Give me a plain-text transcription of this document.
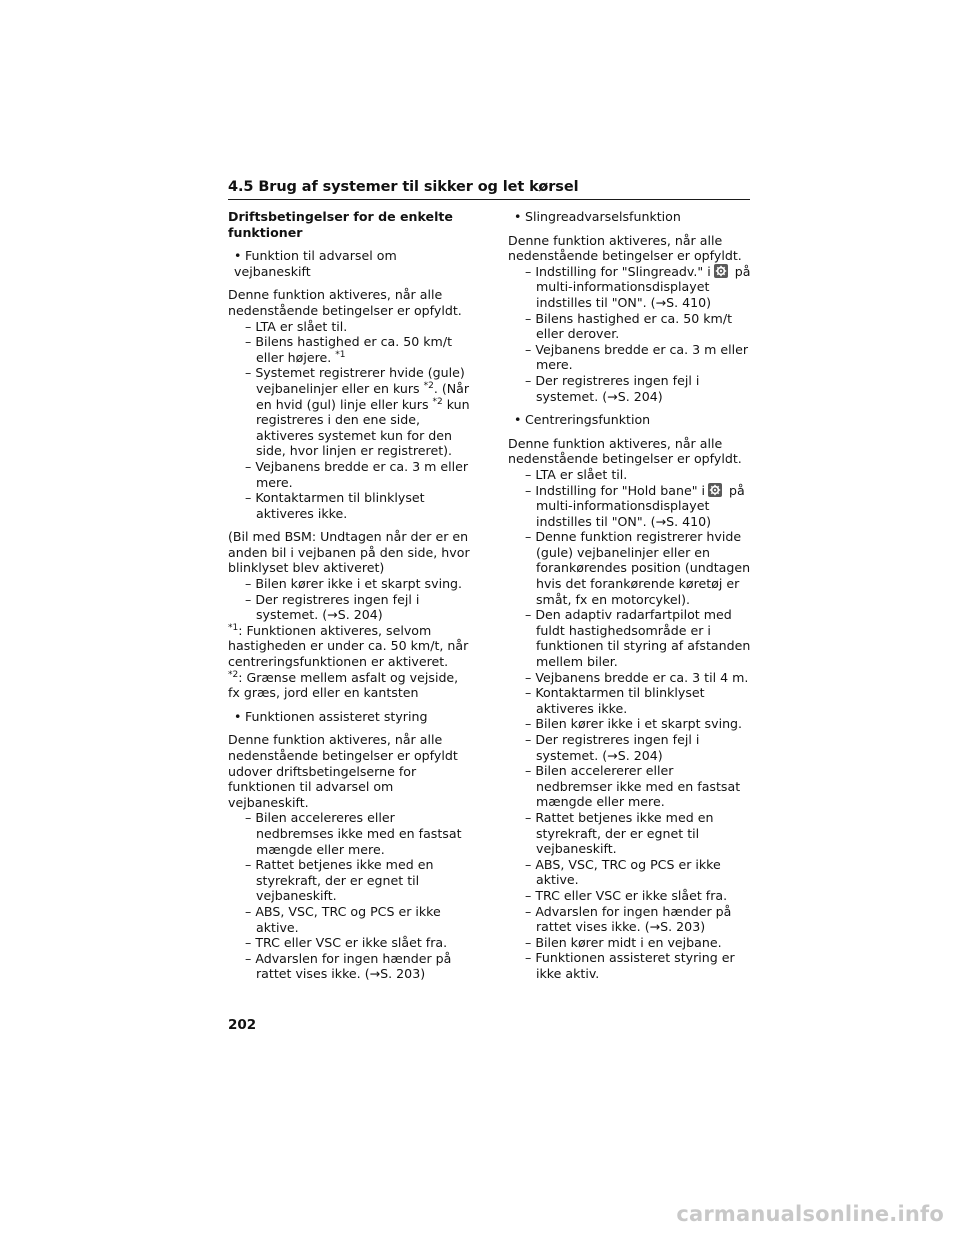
4.5 Brug af systemer til sikker og let kørsel

Driftsbetingelser for de enkelte funktioner

• Funktion til advarsel om vejbaneskift

Denne funktion aktiveres, når alle nedenstående betingelser er opfyldt.

– LTA er slået til.

– Bilens hastighed er ca. 50 km/t eller højere. $^{*1}$

– Systemet registrerer hvide (gule) vejbanelinjer eller en kurs $^{*2}$. (Når en hvid (gul) linje eller kurs $^{*2}$ kun registreres i den ene side, aktiveres systemet kun for den side, hvor linjen er registreret).

– Vejbanens bredde er ca. 3 m eller mere.

– Kontaktarmen til blinklyset aktiveres ikke.

(Bil med BSM: Undtagen når der er en anden bil i vejbanen på den side, hvor blinklyset blev aktiveret)

– Bilen kører ikke i et skarpt sving.

– Der registreres ingen fejl i systemet. (→S. 204)

$^{*1}$: Funktionen aktiveres, selvom hastigheden er under ca. 50 km/t, når centreringsfunktionen er aktiveret.

$^{*2}$: Grænse mellem asfalt og vejside, fx græs, jord eller en kantsten

• Funktionen assisteret styring

Denne funktion aktiveres, når alle nedenstående betingelser er opfyldt udover driftsbetingelserne for funktionen til advarsel om vejbaneskift.

– Bilen accelereres eller nedbremses ikke med en fastsat mængde eller mere.

– Rattet betjenes ikke med en styrekraft, der er egnet til vejbaneskift.

– ABS, VSC, TRC og PCS er ikke aktive.

– TRC eller VSC er ikke slået fra.

– Advarslen for ingen hænder på rattet vises ikke. (→S. 203)

• Slingreadvarselsfunktion

Denne funktion aktiveres, når alle nedenstående betingelser er opfyldt.

– Indstilling for "Slingreadv." i på multi-informationsdisplayet indstilles til "ON". (→S. 410)

– Bilens hastighed er ca. 50 km/t eller derover.

– Vejbanens bredde er ca. 3 m eller mere.

– Der registreres ingen fejl i systemet. (→S. 204)

• Centreringsfunktion

Denne funktion aktiveres, når alle nedenstående betingelser er opfyldt.

– LTA er slået til.

– Indstilling for "Hold bane" i på multi-informationsdisplayet indstilles til "ON". (→S. 410)

– Denne funktion registrerer hvide (gule) vejbanelinjer eller en forankørendes position (undtagen hvis det forankørende køretøj er småt, fx en motorcykel).

– Den adaptiv radarfartpilot med fuldt hastighedsområde er i funktionen til styring af afstanden mellem biler.

– Vejbanens bredde er ca. 3 til 4 m.

– Kontaktarmen til blinklyset aktiveres ikke.

– Bilen kører ikke i et skarpt sving.

– Der registreres ingen fejl i systemet. (→S. 204)

– Bilen accelererer eller nedbremser ikke med en fastsat mængde eller mere.

– Rattet betjenes ikke med en styrekraft, der er egnet til vejbaneskift.

– ABS, VSC, TRC og PCS er ikke aktive.

– TRC eller VSC er ikke slået fra.

– Advarslen for ingen hænder på rattet vises ikke. (→S. 203)

– Bilen kører midt i en vejbane.

– Funktionen assisteret styring er ikke aktiv.

202
carmanualsonline.info
